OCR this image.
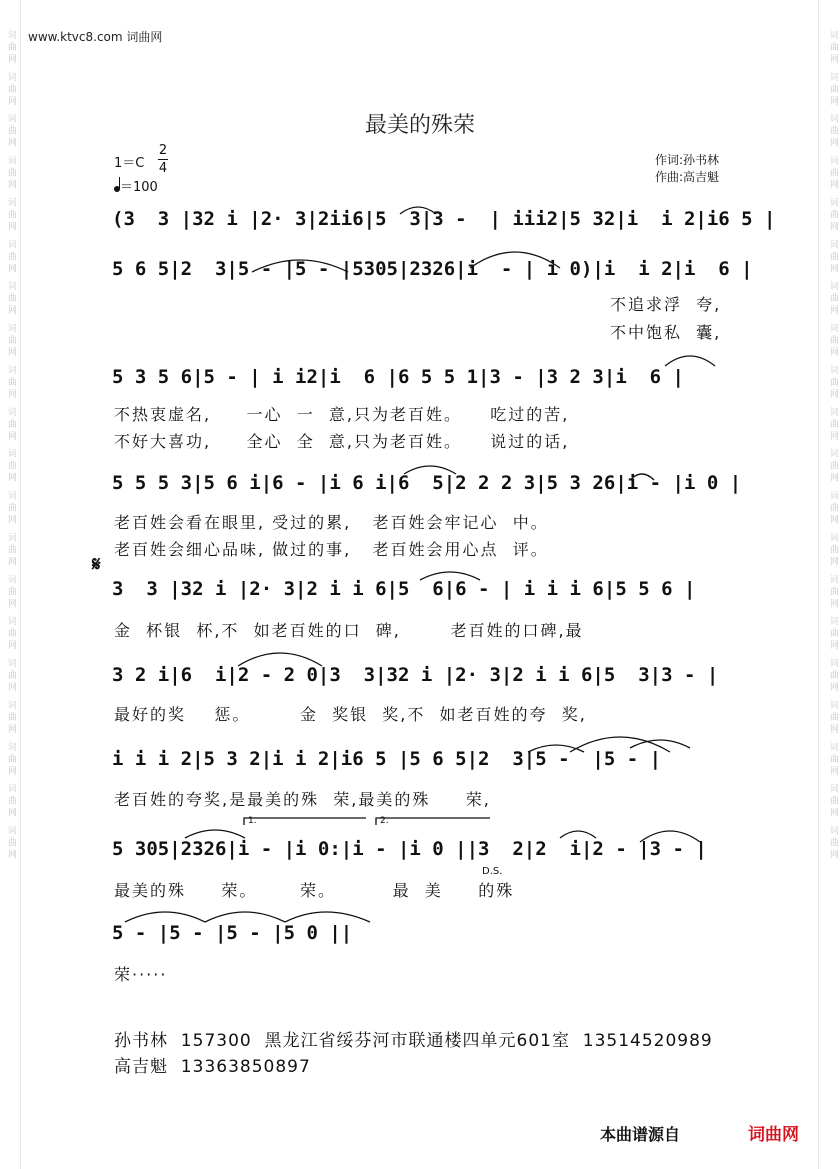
词曲网 词曲网 词曲网 词曲网 词曲网 词曲网 词曲网 词曲网 词曲网 词曲网 词曲网 词曲网 词曲网 词曲网 词曲网 词曲网 词曲网 词曲网 词曲网 词曲网
词曲网 词曲网 词曲网 词曲网 词曲网 词曲网 词曲网 词曲网 词曲网 词曲网 词曲网 词曲网 词曲网 词曲网 词曲网 词曲网 词曲网 词曲网 词曲网 词曲网
www.ktvc8.com 词曲网
最美的殊荣
1＝C
2
4
＝100
作词:孙书林
作曲:高吉魁
(3  3 |32 i |2· 3|2ii6|5  3|3 -  | iii2|5 32|i  i 2|i6 5 |
5 6 5|2  3|5 - |5 - |5305|2326|i  - | i 0)|i  i 2|i  6 |
不追求浮  夸,
不中饱私  囊,
5 3 5 6|5 - | i i2|i  6 |6 5 5 1|3 - |3 2 3|i  6 |
不热衷虚名,     一心  一  意,只为老百姓。    吃过的苦,
不好大喜功,     全心  全  意,只为老百姓。    说过的话,
5 5 5 3|5 6 i|6 - |i 6 i|6  5|2 2 2 3|5 3 26|i - |i 0 |
老百姓会看在眼里, 受过的累,   老百姓会牢记心  中。
老百姓会细心品味, 做过的事,   老百姓会用心点  评。
𝄋
3  3 |32 i |2· 3|2 i i 6|5  6|6 - | i i i 6|5 5 6 |
金  杯银  杯,不  如老百姓的口  碑,       老百姓的口碑,最
3 2 i|6  i|2 - 2 0|3  3|32 i |2· 3|2 i i 6|5  3|3 - |
最好的奖    惩。       金  奖银  奖,不  如老百姓的夸  奖,
i i i 2|5 3 2|i i 2|i6 5 |5 6 5|2  3|5 -  |5 - |
老百姓的夸奖,是最美的殊  荣,最美的殊     荣,
1.	2.
5 305|2326|i - |i 0:|i - |i 0 ||3  2|2  i|2 - |3 - |
D.S.
最美的殊     荣。      荣。        最  美     的殊
5 - |5 - |5 - |5 0 ||
荣·····
孙书林  157300  黑龙江省绥芬河市联通楼四单元601室  13514520989
高吉魁  13363850897
本曲谱源自	词曲网
